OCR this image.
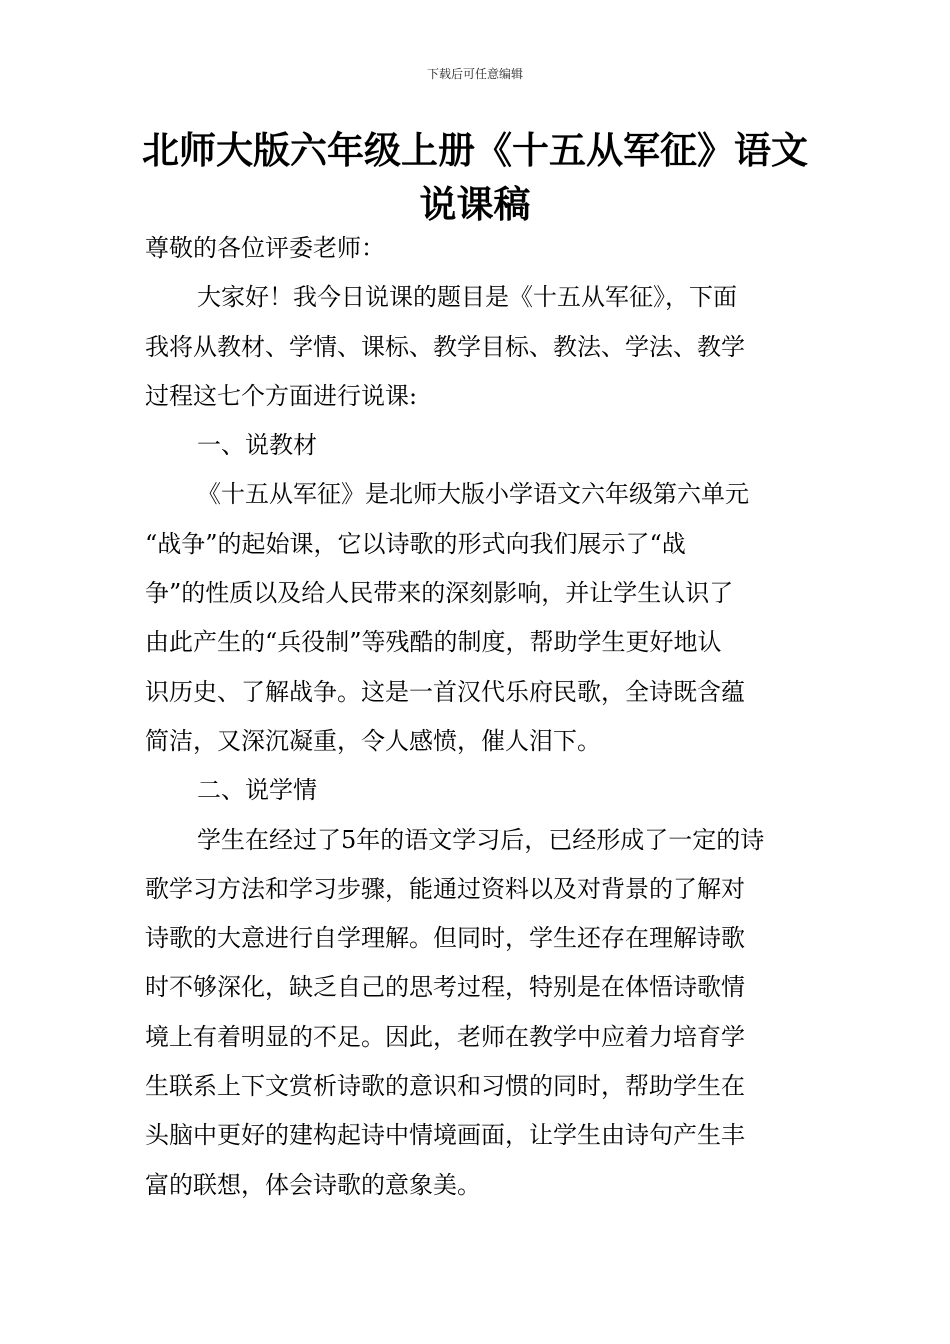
下载后可任意编辑
北师大版六年级上册《十五从军征》语文
说课稿
尊敬的各位评委老师：
大家好！我今日说课的题目是《十五从军征》，下面
我将从教材、学情、课标、教学目标、教法、学法、教学
过程这七个方面进行说课:
一、说教材
《十五从军征》是北师大版小学语文六年级第六单元
“战争”的起始课，它以诗歌的形式向我们展示了“战
争”的性质以及给人民带来的深刻影响，并让学生认识了
由此产生的“兵役制”等残酷的制度，帮助学生更好地认
识历史、了解战争。这是一首汉代乐府民歌，全诗既含蕴
简洁，又深沉凝重，令人感愤，催人泪下。
二、说学情
学生在经过了5年的语文学习后，已经形成了一定的诗
歌学习方法和学习步骤，能通过资料以及对背景的了解对
诗歌的大意进行自学理解。但同时，学生还存在理解诗歌
时不够深化，缺乏自己的思考过程，特别是在体悟诗歌情
境上有着明显的不足。因此，老师在教学中应着力培育学
生联系上下文赏析诗歌的意识和习惯的同时，帮助学生在
头脑中更好的建构起诗中情境画面，让学生由诗句产生丰
富的联想，体会诗歌的意象美。
